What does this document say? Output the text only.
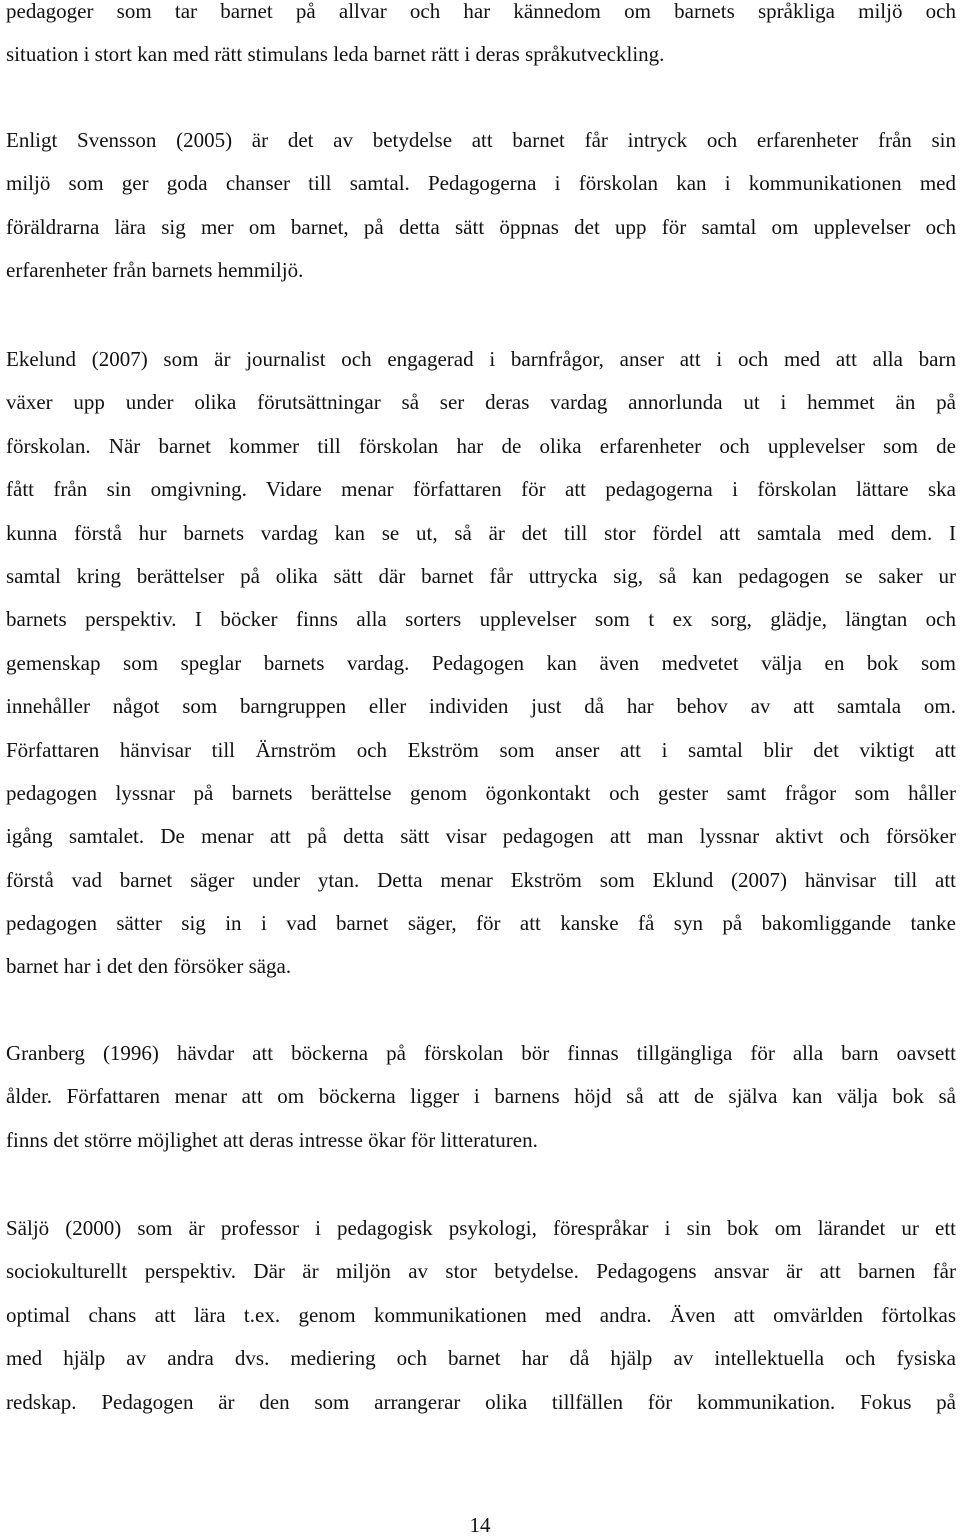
pedagoger som tar barnet på allvar och har kännedom om barnets språkliga miljö och
situation i stort kan med rätt stimulans leda barnet rätt i deras språkutveckling.
Enligt Svensson (2005) är det av betydelse att barnet får intryck och erfarenheter från sin
miljö som ger goda chanser till samtal. Pedagogerna i förskolan kan i kommunikationen med
föräldrarna lära sig mer om barnet, på detta sätt öppnas det upp för samtal om upplevelser och
erfarenheter från barnets hemmiljö.
Ekelund (2007) som är journalist och engagerad i barnfrågor, anser att i och med att alla barn
växer upp under olika förutsättningar så ser deras vardag annorlunda ut i hemmet än på
förskolan. När barnet kommer till förskolan har de olika erfarenheter och upplevelser som de
fått från sin omgivning. Vidare menar författaren för att pedagogerna i förskolan lättare ska
kunna förstå hur barnets vardag kan se ut, så är det till stor fördel att samtala med dem. I
samtal kring berättelser på olika sätt där barnet får uttrycka sig, så kan pedagogen se saker ur
barnets perspektiv. I böcker finns alla sorters upplevelser som t ex sorg, glädje, längtan och
gemenskap som speglar barnets vardag. Pedagogen kan även medvetet välja en bok som
innehåller något som barngruppen eller individen just då har behov av att samtala om.
Författaren hänvisar till Ärnström och Ekström som anser att i samtal blir det viktigt att
pedagogen lyssnar på barnets berättelse genom ögonkontakt och gester samt frågor som håller
igång samtalet. De menar att på detta sätt visar pedagogen att man lyssnar aktivt och försöker
förstå vad barnet säger under ytan. Detta menar Ekström som Eklund (2007) hänvisar till att
pedagogen sätter sig in i vad barnet säger, för att kanske få syn på bakomliggande tanke
barnet har i det den försöker säga.
Granberg (1996) hävdar att böckerna på förskolan bör finnas tillgängliga för alla barn oavsett
ålder. Författaren menar att om böckerna ligger i barnens höjd så att de själva kan välja bok så
finns det större möjlighet att deras intresse ökar för litteraturen.
Säljö (2000) som är professor i pedagogisk psykologi, förespråkar i sin bok om lärandet ur ett
sociokulturellt perspektiv. Där är miljön av stor betydelse. Pedagogens ansvar är att barnen får
optimal chans att lära t.ex. genom kommunikationen med andra. Även att omvärlden förtolkas
med hjälp av andra dvs. mediering och barnet har då hjälp av intellektuella och fysiska
redskap. Pedagogen är den som arrangerar olika tillfällen för kommunikation. Fokus på
14
